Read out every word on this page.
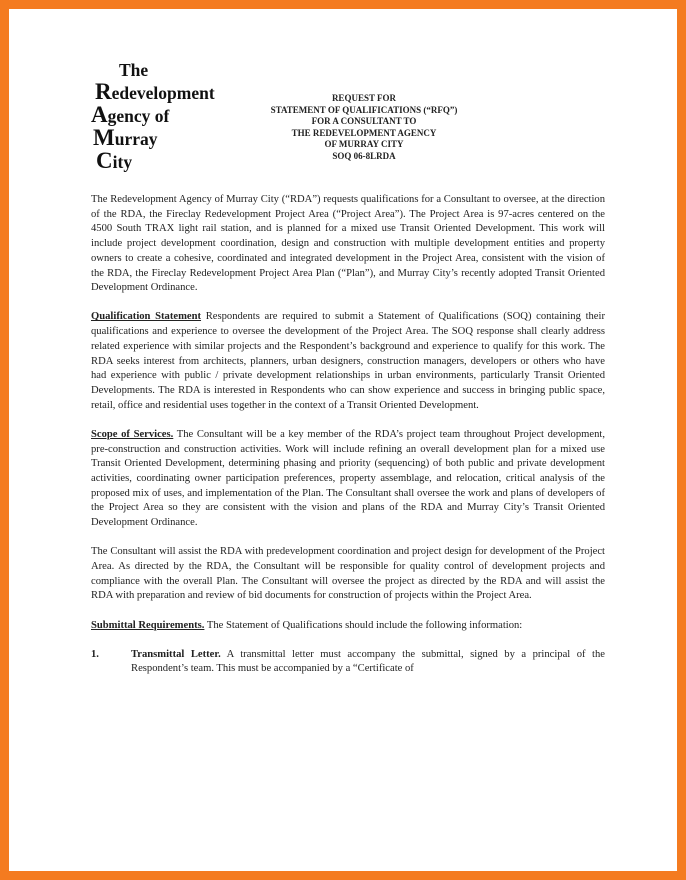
The
Redevelopment
Agency of
Murray
City
REQUEST FOR
STATEMENT OF QUALIFICATIONS (“RFQ”)
FOR A CONSULTANT TO
THE REDEVELOPMENT AGENCY
OF MURRAY CITY
SOQ 06-8LRDA

The Redevelopment Agency of Murray City (“RDA”) requests qualifications for a Consultant to oversee, at the direction of the RDA, the Fireclay Redevelopment Project Area (“Project Area”). The Project Area is 97-acres centered on the 4500 South TRAX light rail station, and is planned for a mixed use Transit Oriented Development. This work will include project development coordination, design and construction with multiple development entities and property owners to create a cohesive, coordinated and integrated development in the Project Area, consistent with the vision of the RDA, the Fireclay Redevelopment Project Area Plan (“Plan”), and Murray City’s recently adopted Transit Oriented Development Ordinance.

Qualification Statement Respondents are required to submit a Statement of Qualifications (SOQ) containing their qualifications and experience to oversee the development of the Project Area. The SOQ response shall clearly address related experience with similar projects and the Respondent’s background and experience to qualify for this work. The RDA seeks interest from architects, planners, urban designers, construction managers, developers or others who have had experience with public / private development relationships in urban environments, particularly Transit Oriented Developments. The RDA is interested in Respondents who can show experience and success in bringing public space, retail, office and residential uses together in the context of a Transit Oriented Development.

Scope of Services. The Consultant will be a key member of the RDA’s project team throughout Project development, pre-construction and construction activities. Work will include refining an overall development plan for a mixed use Transit Oriented Development, determining phasing and priority (sequencing) of both public and private development activities, coordinating owner participation preferences, property assemblage, and relocation, critical analysis of the proposed mix of uses, and implementation of the Plan. The Consultant shall oversee the work and plans of developers of the Project Area so they are consistent with the vision and plans of the RDA and Murray City’s Transit Oriented Development Ordinance.

The Consultant will assist the RDA with predevelopment coordination and project design for development of the Project Area. As directed by the RDA, the Consultant will be responsible for quality control of development projects and compliance with the overall Plan. The Consultant will oversee the project as directed by the RDA and will assist the RDA with preparation and review of bid documents for construction of projects within the Project Area.

Submittal Requirements. The Statement of Qualifications should include the following information:

1.	Transmittal Letter. A transmittal letter must accompany the submittal, signed by a principal of the Respondent’s team. This must be accompanied by a “Certificate of
